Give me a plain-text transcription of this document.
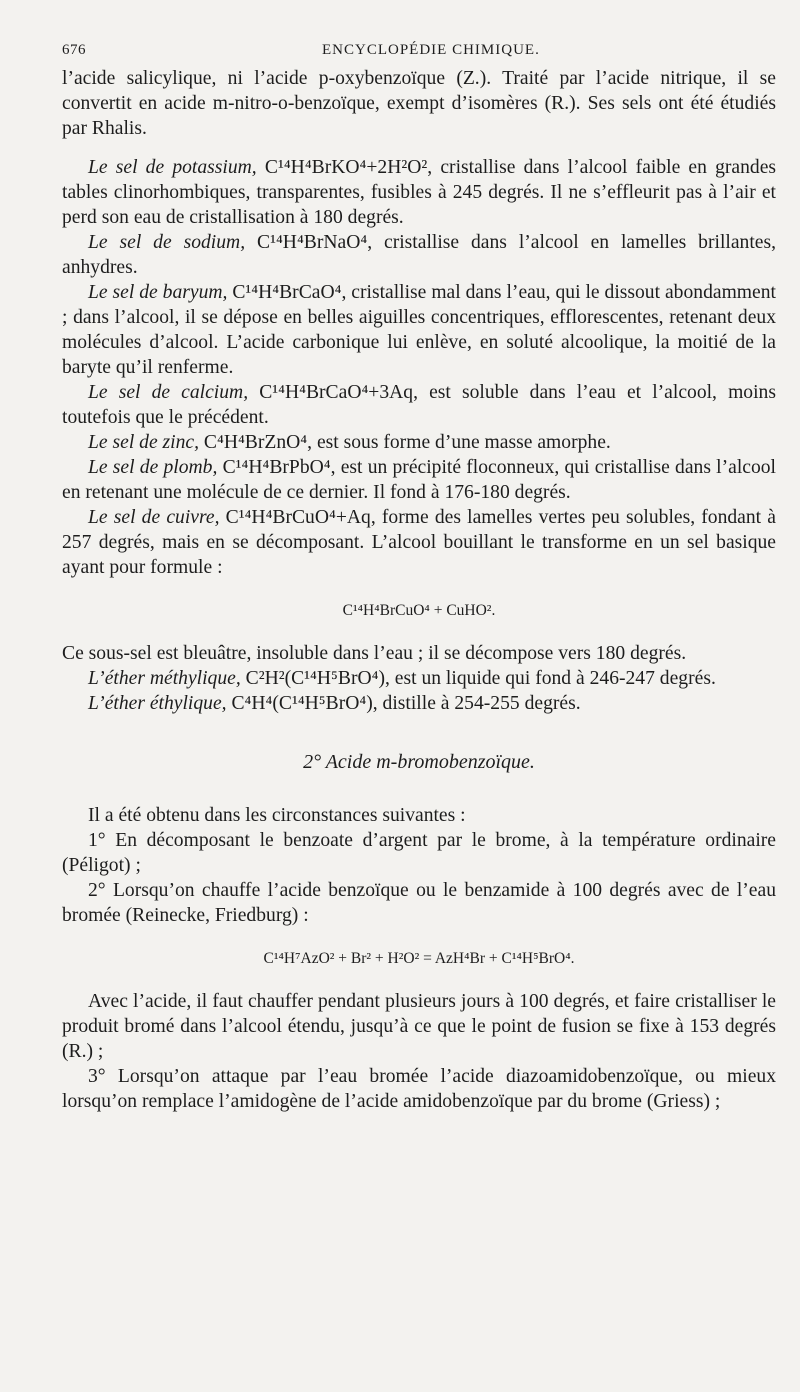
676	ENCYCLOPÉDIE CHIMIQUE.

l’acide salicylique, ni l’acide p-oxybenzoïque (Z.). Traité par l’acide nitrique, il se convertit en acide m-nitro-o-benzoïque, exempt d’isomères (R.). Ses sels ont été étudiés par Rhalis.

Le sel de potassium, C¹⁴H⁴BrKO⁴+2H²O², cristallise dans l’alcool faible en grandes tables clinorhombiques, transparentes, fusibles à 245 degrés. Il ne s’effleurit pas à l’air et perd son eau de cristallisation à 180 degrés.

Le sel de sodium, C¹⁴H⁴BrNaO⁴, cristallise dans l’alcool en lamelles brillantes, anhydres.

Le sel de baryum, C¹⁴H⁴BrCaO⁴, cristallise mal dans l’eau, qui le dissout abondamment ; dans l’alcool, il se dépose en belles aiguilles concentriques, efflorescentes, retenant deux molécules d’alcool. L’acide carbonique lui enlève, en soluté alcoolique, la moitié de la baryte qu’il renferme.

Le sel de calcium, C¹⁴H⁴BrCaO⁴+3Aq, est soluble dans l’eau et l’alcool, moins toutefois que le précédent.

Le sel de zinc, C⁴H⁴BrZnO⁴, est sous forme d’une masse amorphe.

Le sel de plomb, C¹⁴H⁴BrPbO⁴, est un précipité floconneux, qui cristallise dans l’alcool en retenant une molécule de ce dernier. Il fond à 176-180 degrés.

Le sel de cuivre, C¹⁴H⁴BrCuO⁴+Aq, forme des lamelles vertes peu solubles, fondant à 257 degrés, mais en se décomposant. L’alcool bouillant le transforme en un sel basique ayant pour formule :

C¹⁴H⁴BrCuO⁴ + CuHO².

Ce sous-sel est bleuâtre, insoluble dans l’eau ; il se décompose vers 180 degrés.

L’éther méthylique, C²H²(C¹⁴H⁵BrO⁴), est un liquide qui fond à 246-247 degrés.

L’éther éthylique, C⁴H⁴(C¹⁴H⁵BrO⁴), distille à 254-255 degrés.

2° Acide m-bromobenzoïque.

Il a été obtenu dans les circonstances suivantes :

1° En décomposant le benzoate d’argent par le brome, à la température ordinaire (Péligot) ;

2° Lorsqu’on chauffe l’acide benzoïque ou le benzamide à 100 degrés avec de l’eau bromée (Reinecke, Friedburg) :

C¹⁴H⁷AzO² + Br² + H²O² = AzH⁴Br + C¹⁴H⁵BrO⁴.

Avec l’acide, il faut chauffer pendant plusieurs jours à 100 degrés, et faire cristalliser le produit bromé dans l’alcool étendu, jusqu’à ce que le point de fusion se fixe à 153 degrés (R.) ;

3° Lorsqu’on attaque par l’eau bromée l’acide diazoamidobenzoïque, ou mieux lorsqu’on remplace l’amidogène de l’acide amidobenzoïque par du brome (Griess) ;
